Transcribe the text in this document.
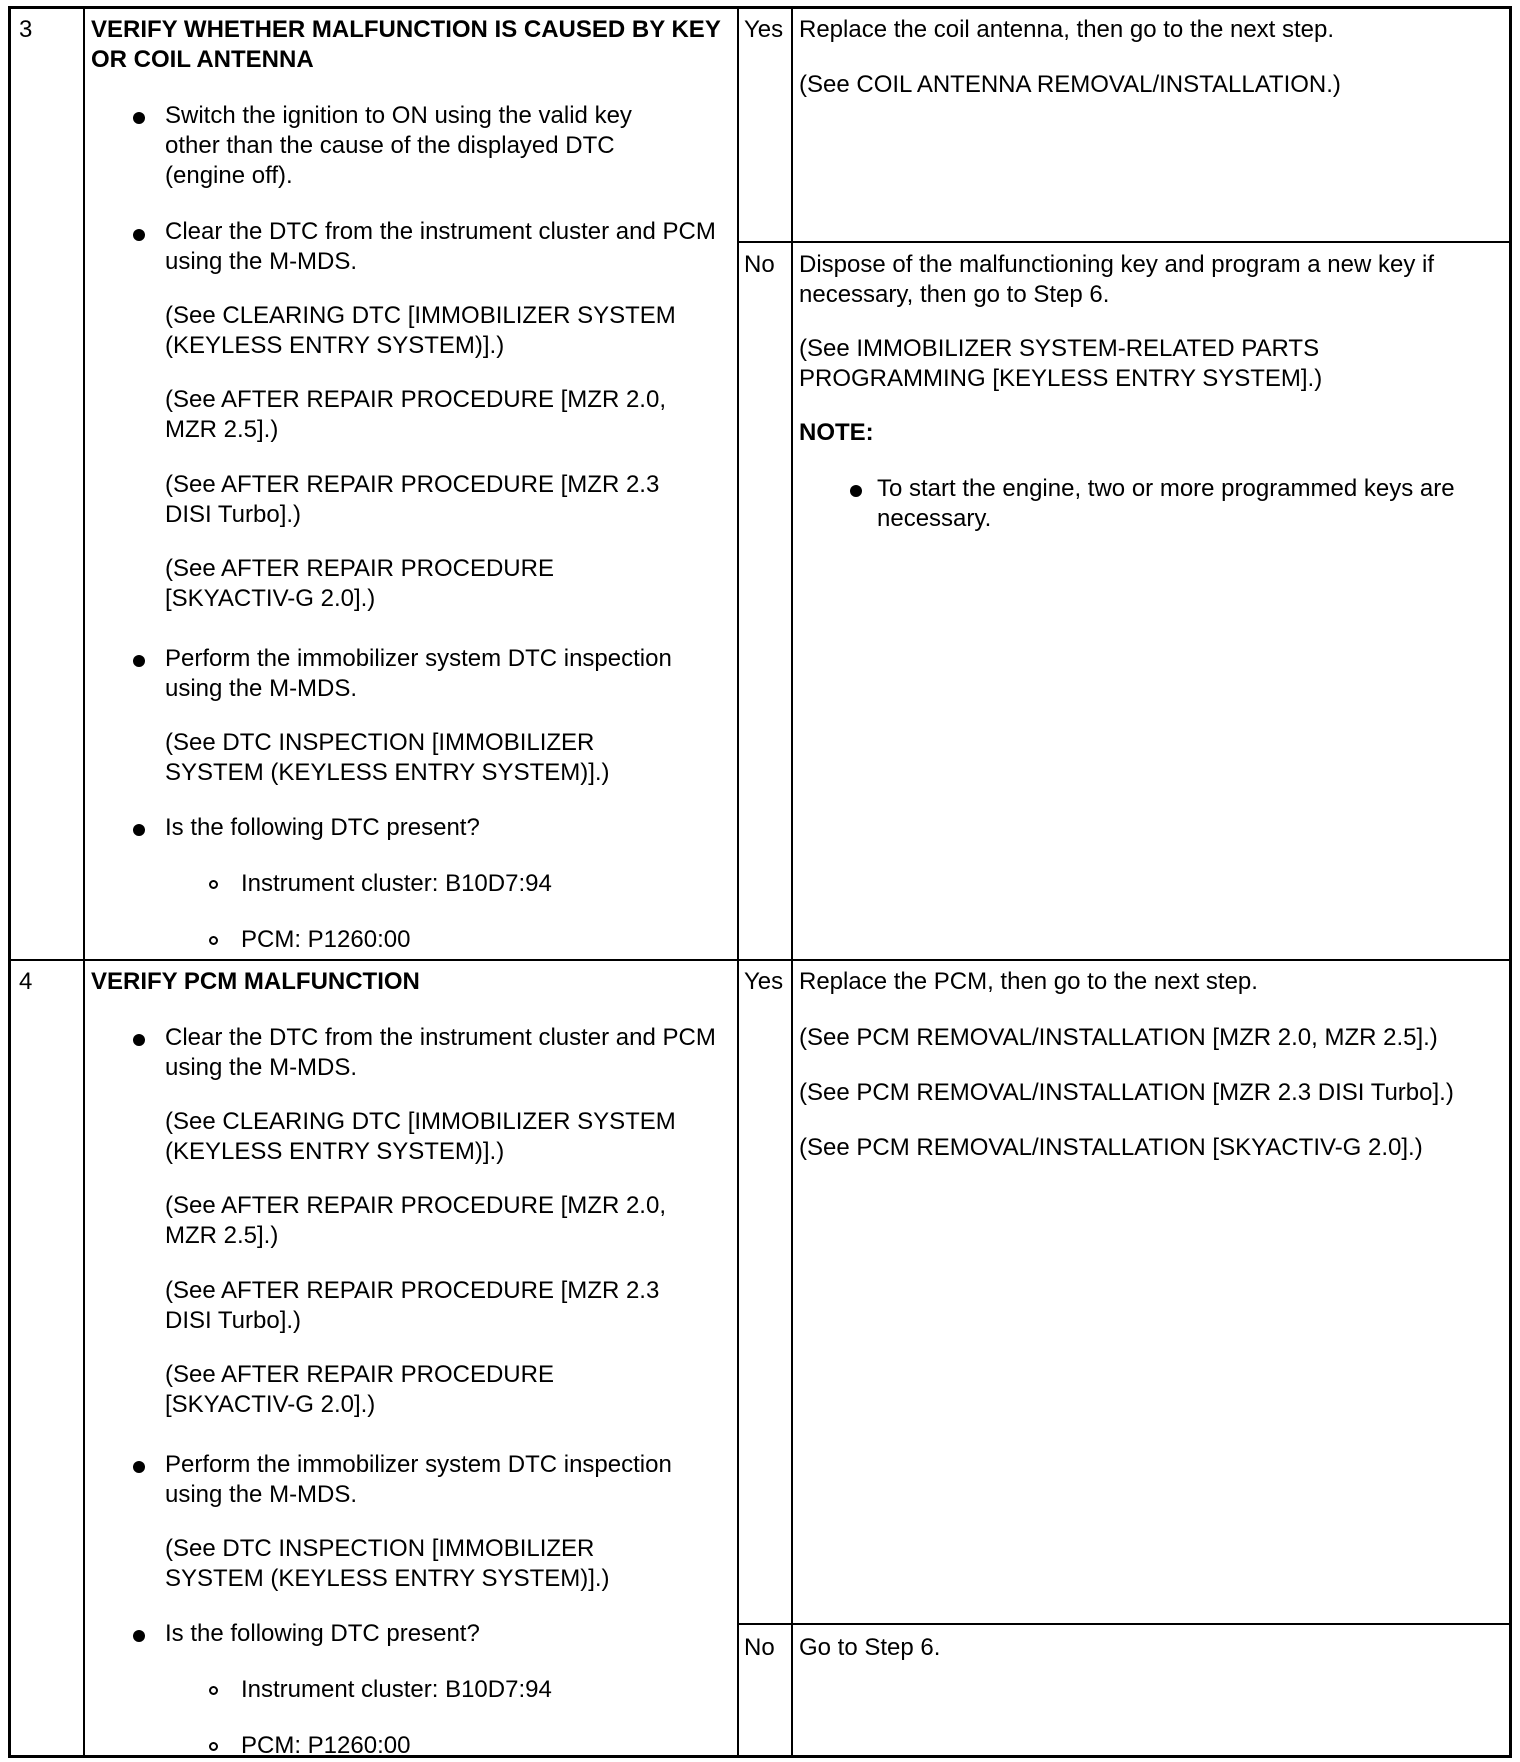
3 VERIFY WHETHER MALFUNCTION IS CAUSED BY KEY OR COIL ANTENNA
Switch the ignition to ON using the valid key other than the cause of the displayed DTC (engine off).
Clear the DTC from the instrument cluster and PCM using the M-MDS.
(See CLEARING DTC [IMMOBILIZER SYSTEM (KEYLESS ENTRY SYSTEM)].)
(See AFTER REPAIR PROCEDURE [MZR 2.0, MZR 2.5].)
(See AFTER REPAIR PROCEDURE [MZR 2.3 DISI Turbo].)
(See AFTER REPAIR PROCEDURE [SKYACTIV-G 2.0].)
Perform the immobilizer system DTC inspection using the M-MDS.
(See DTC INSPECTION [IMMOBILIZER SYSTEM (KEYLESS ENTRY SYSTEM)].)
Is the following DTC present?
Instrument cluster: B10D7:94
PCM: P1260:00
Yes Replace the coil antenna, then go to the next step.
(See COIL ANTENNA REMOVAL/INSTALLATION.)
No Dispose of the malfunctioning key and program a new key if necessary, then go to Step 6.
(See IMMOBILIZER SYSTEM-RELATED PARTS PROGRAMMING [KEYLESS ENTRY SYSTEM].)
NOTE:
To start the engine, two or more programmed keys are necessary.
4 VERIFY PCM MALFUNCTION
Clear the DTC from the instrument cluster and PCM using the M-MDS.
(See CLEARING DTC [IMMOBILIZER SYSTEM (KEYLESS ENTRY SYSTEM)].)
(See AFTER REPAIR PROCEDURE [MZR 2.0, MZR 2.5].)
(See AFTER REPAIR PROCEDURE [MZR 2.3 DISI Turbo].)
(See AFTER REPAIR PROCEDURE [SKYACTIV-G 2.0].)
Perform the immobilizer system DTC inspection using the M-MDS.
(See DTC INSPECTION [IMMOBILIZER SYSTEM (KEYLESS ENTRY SYSTEM)].)
Is the following DTC present?
Instrument cluster: B10D7:94
PCM: P1260:00
Yes Replace the PCM, then go to the next step.
(See PCM REMOVAL/INSTALLATION [MZR 2.0, MZR 2.5].)
(See PCM REMOVAL/INSTALLATION [MZR 2.3 DISI Turbo].)
(See PCM REMOVAL/INSTALLATION [SKYACTIV-G 2.0].)
No Go to Step 6.
